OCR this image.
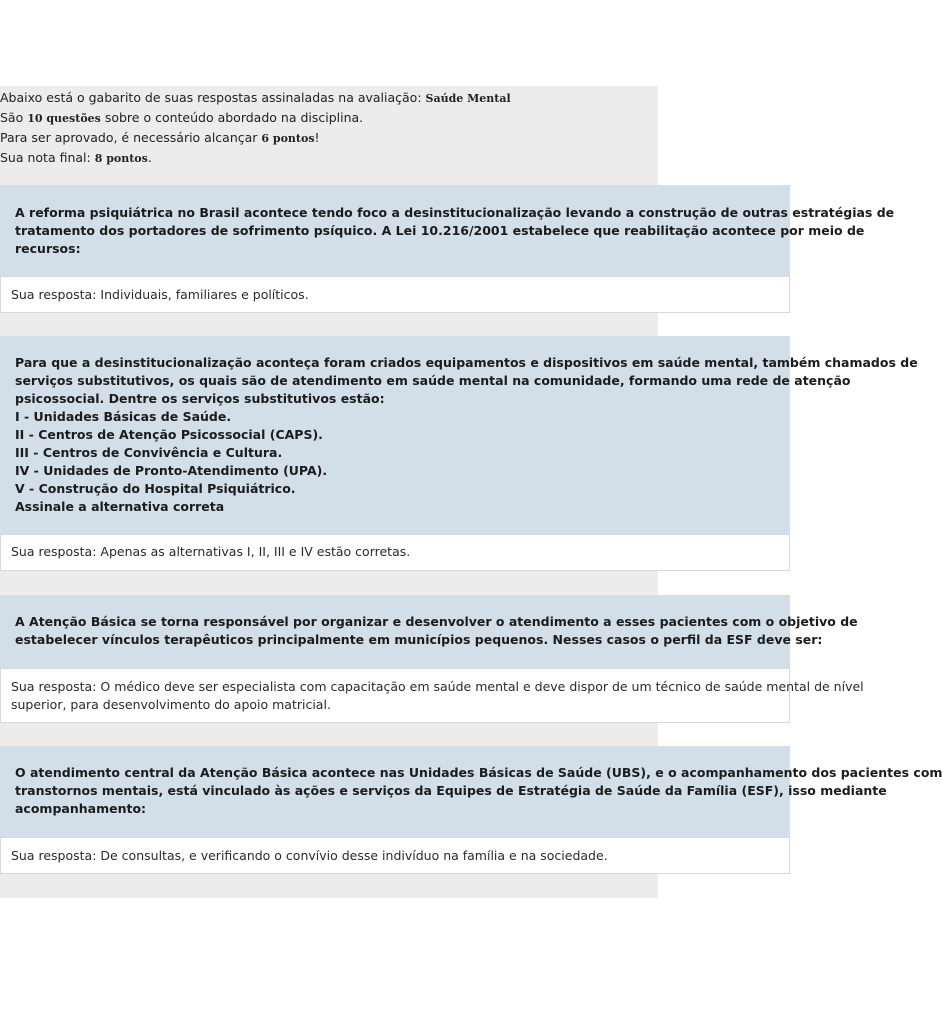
Abaixo está o gabarito de suas respostas assinaladas na avaliação: Saúde Mental
São 10 questões sobre o conteúdo abordado na disciplina.
Para ser aprovado, é necessário alcançar 6 pontos!
Sua nota final: 8 pontos.
A reforma psiquiátrica no Brasil acontece tendo foco a desinstitucionalização levando a construção de outras estratégias de
tratamento dos portadores de sofrimento psíquico. A Lei 10.216/2001 estabelece que reabilitação acontece por meio de
recursos:
Sua resposta: Individuais, familiares e políticos.
Para que a desinstitucionalização aconteça foram criados equipamentos e dispositivos em saúde mental, também chamados de
serviços substitutivos, os quais são de atendimento em saúde mental na comunidade, formando uma rede de atenção
psicossocial. Dentre os serviços substitutivos estão:
I - Unidades Básicas de Saúde.
II - Centros de Atenção Psicossocial (CAPS).
III - Centros de Convivência e Cultura.
IV - Unidades de Pronto-Atendimento (UPA).
V - Construção do Hospital Psiquiátrico.
Assinale a alternativa correta
Sua resposta: Apenas as alternativas I, II, III e IV estão corretas.
A Atenção Básica se torna responsável por organizar e desenvolver o atendimento a esses pacientes com o objetivo de
estabelecer vínculos terapêuticos principalmente em municípios pequenos. Nesses casos o perfil da ESF deve ser:
Sua resposta: O médico deve ser especialista com capacitação em saúde mental e deve dispor de um técnico de saúde mental de nível
superior, para desenvolvimento do apoio matricial.
O atendimento central da Atenção Básica acontece nas Unidades Básicas de Saúde (UBS), e o acompanhamento dos pacientes com
transtornos mentais, está vinculado às ações e serviços da Equipes de Estratégia de Saúde da Família (ESF), isso mediante
acompanhamento:
Sua resposta: De consultas, e verificando o convívio desse indivíduo na família e na sociedade.
